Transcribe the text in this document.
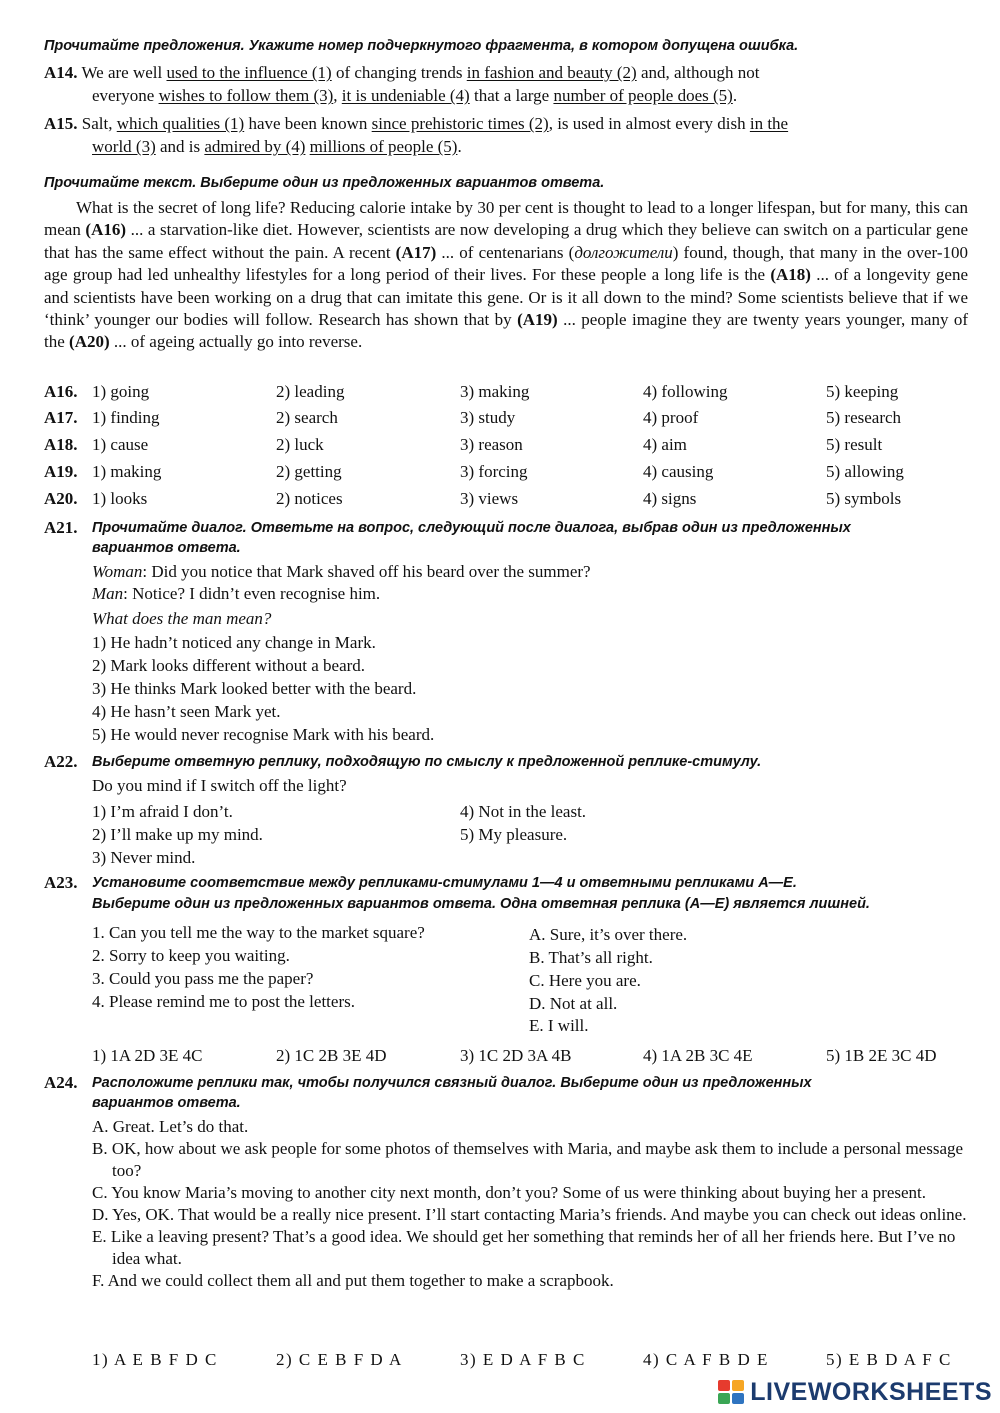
Прочитайте предложения. Укажите номер подчеркнутого фрагмента, в котором допущена ошибка.
A14. We are well used to the influence (1) of changing trends in fashion and beauty (2) and, although not
everyone wishes to follow them (3), it is undeniable (4) that a large number of people does (5).
A15. Salt, which qualities (1) have been known since prehistoric times (2), is used in almost every dish in the
world (3) and is admired by (4) millions of people (5).
Прочитайте текст. Выберите один из предложенных вариантов ответа.
What is the secret of long life? Reducing calorie intake by 30 per cent is thought to lead to a longer lifespan, but for many, this can mean (A16) ... a starvation-like diet. However, scientists are now developing a drug which they believe can switch on a particular gene that has the same effect without the pain. A recent (A17) ... of centenarians (долгожители) found, though, that many in the over-100 age group had led unhealthy lifestyles for a long period of their lives. For these people a long life is the (A18) ... of a longevity gene and scientists have been working on a drug that can imitate this gene. Or is it all down to the mind? Some scientists believe that if we ‘think’ younger our bodies will follow. Research has shown that by (A19) ... people imagine they are twenty years younger, many of the (A20) ... of ageing actually go into reverse.
A16. 1) going	2) leading	3) making	4) following	5) keeping
A17. 1) finding	2) search	3) study	4) proof	5) research
A18. 1) cause	2) luck	3) reason	4) aim	5) result
A19. 1) making	2) getting	3) forcing	4) causing	5) allowing
A20. 1) looks	2) notices	3) views	4) signs	5) symbols
A21. Прочитайте диалог. Ответьте на вопрос, следующий после диалога, выбрав один из предложенных
вариантов ответа.
Woman: Did you notice that Mark shaved off his beard over the summer?
Man: Notice? I didn’t even recognise him.
What does the man mean?
1) He hadn’t noticed any change in Mark.
2) Mark looks different without a beard.
3) He thinks Mark looked better with the beard.
4) He hasn’t seen Mark yet.
5) He would never recognise Mark with his beard.
A22. Выберите ответную реплику, подходящую по смыслу к предложенной реплике-стимулу.
Do you mind if I switch off the light?
1) I’m afraid I don’t.
2) I’ll make up my mind.
3) Never mind.
4) Not in the least.
5) My pleasure.
A23. Установите соответствие между репликами-стимулами 1—4 и ответными репликами А—Е.
Выберите один из предложенных вариантов ответа. Одна ответная реплика (А—Е) является лишней.
1. Can you tell me the way to the market square?
2. Sorry to keep you waiting.
3. Could you pass me the paper?
4. Please remind me to post the letters.
A. Sure, it’s over there.
B. That’s all right.
C. Here you are.
D. Not at all.
E. I will.
1) 1A 2D 3E 4C	2) 1C 2B 3E 4D	3) 1C 2D 3A 4B	4) 1A 2B 3C 4E	5) 1B 2E 3C 4D
A24. Расположите реплики так, чтобы получился связный диалог. Выберите один из предложенных
вариантов ответа.
A. Great. Let’s do that.
B. OK, how about we ask people for some photos of themselves with Maria, and maybe ask them to include a personal message too?
C. You know Maria’s moving to another city next month, don’t you? Some of us were thinking about buying her a present.
D. Yes, OK. That would be a really nice present. I’ll start contacting Maria’s friends. And maybe you can check out ideas online.
E. Like a leaving present? That’s a good idea. We should get her something that reminds her of all her friends here. But I’ve no idea what.
F. And we could collect them all and put them together to make a scrapbook.
1) A E B F D C	2) C E B F D A	3) E D A F B C	4) C A F B D E	5) E B D A F C
LIVEWORKSHEETS
